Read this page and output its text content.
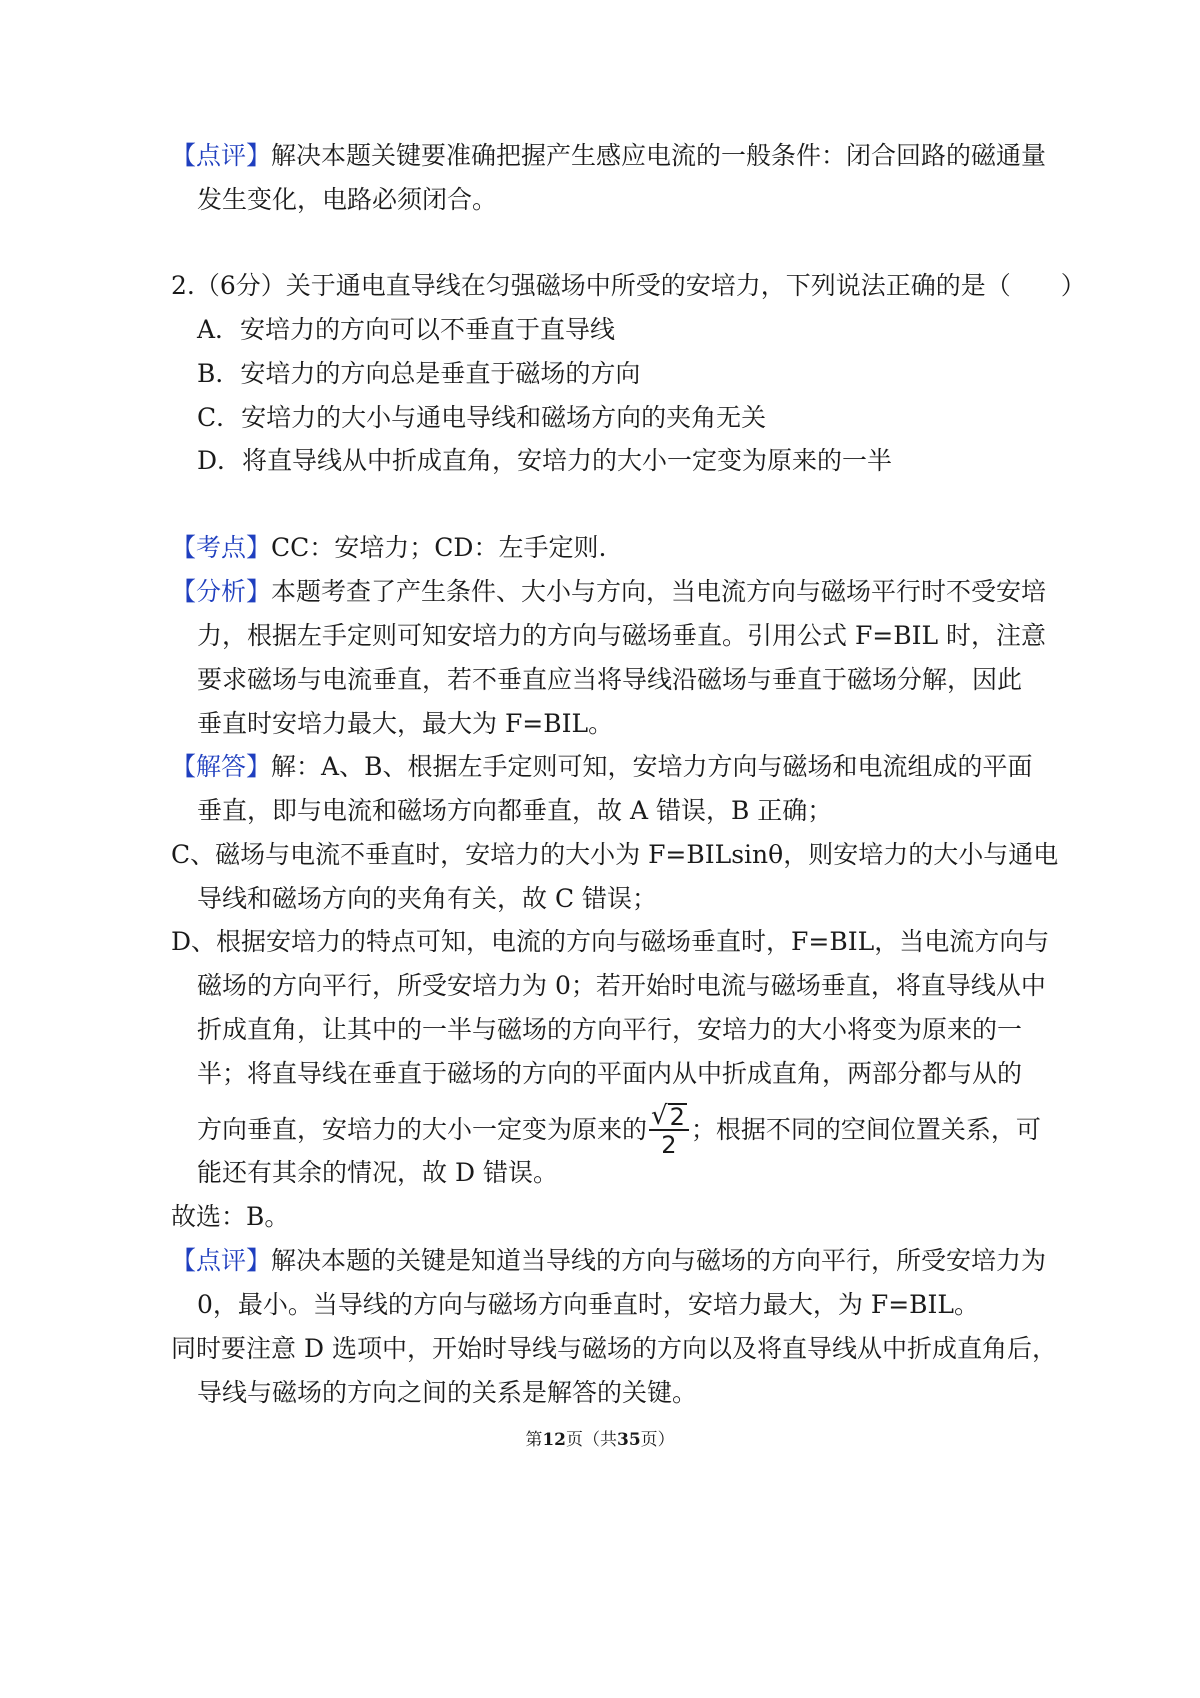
【点评】解决本题关键要准确把握产生感应电流的一般条件：闭合回路的磁通量
发生变化，电路必须闭合。
2.（6分）关于通电直导线在匀强磁场中所受的安培力，下列说法正确的是（　　）
A．安培力的方向可以不垂直于直导线
B．安培力的方向总是垂直于磁场的方向
C．安培力的大小与通电导线和磁场方向的夹角无关
D．将直导线从中折成直角，安培力的大小一定变为原来的一半
【考点】CC：安培力；CD：左手定则.
【分析】本题考查了产生条件、大小与方向，当电流方向与磁场平行时不受安培
力，根据左手定则可知安培力的方向与磁场垂直。引用公式 F=BIL 时，注意
要求磁场与电流垂直，若不垂直应当将导线沿磁场与垂直于磁场分解，因此
垂直时安培力最大，最大为 F=BIL。
【解答】解：A、B、根据左手定则可知，安培力方向与磁场和电流组成的平面
垂直，即与电流和磁场方向都垂直，故 A 错误，B 正确；
C、磁场与电流不垂直时，安培力的大小为 F=BILsinθ，则安培力的大小与通电
导线和磁场方向的夹角有关，故 C 错误；
D、根据安培力的特点可知，电流的方向与磁场垂直时，F=BIL，当电流方向与
磁场的方向平行，所受安培力为 0；若开始时电流与磁场垂直，将直导线从中
折成直角，让其中的一半与磁场的方向平行，安培力的大小将变为原来的一
半；将直导线在垂直于磁场的方向的平面内从中折成直角，两部分都与从的
方向垂直，安培力的大小一定变为原来的 $\frac{√ 2}{2}$ ；根据不同的空间位置关系，可
能还有其余的情况，故 D 错误。
故选：B。
【点评】解决本题的关键是知道当导线的方向与磁场的方向平行，所受安培力为
0，最小。当导线的方向与磁场方向垂直时，安培力最大，为 F=BIL。
同时要注意 D 选项中，开始时导线与磁场的方向以及将直导线从中折成直角后，
导线与磁场的方向之间的关系是解答的关键。
第12页（共35页）
